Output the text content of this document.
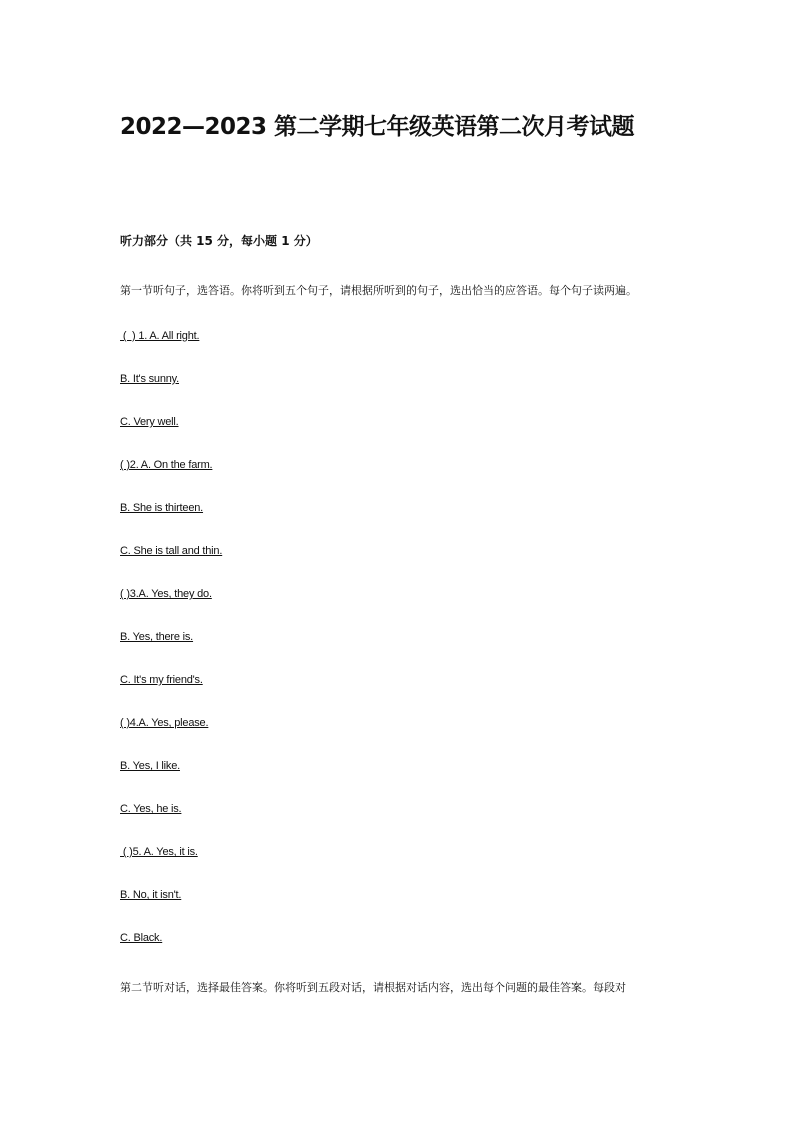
2022—2023 第二学期七年级英语第二次月考试题
听力部分（共 15 分，每小题 1 分）
第一节听句子，选答语。你将听到五个句子，请根据所听到的句子，选出恰当的应答语。每个句子读两遍。
(  ) 1. A. All right.
B. It's sunny.
C. Very well.
( )2. A. On the farm.
B. She is thirteen.
C. She is tall and thin.
( )3.A. Yes, they do.
B. Yes, there is.
C. It's my friend's.
( )4.A. Yes, please.
B. Yes, I like.
C. Yes, he is.
( )5. A. Yes, it is.
B. No, it isn't.
C. Black.
第二节听对话，选择最佳答案。你将听到五段对话，请根据对话内容，选出每个问题的最佳答案。每段对
